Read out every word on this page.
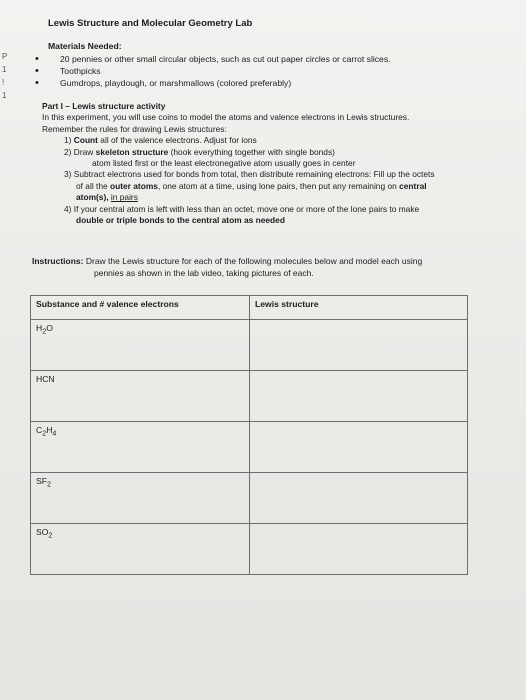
P
1
!
1
Lewis Structure and Molecular Geometry Lab
Materials Needed:
• 20 pennies or other small circular objects, such as cut out paper circles or carrot slices.
• Toothpicks
• Gumdrops, playdough, or marshmallows (colored preferably)
Part I – Lewis structure activity
In this experiment, you will use coins to model the atoms and valence electrons in Lewis structures.
Remember the rules for drawing Lewis structures:
1) Count all of the valence electrons. Adjust for ions
2) Draw skeleton structure (hook everything together with single bonds)
atom listed first or the least electronegative atom usually goes in center
3) Subtract electrons used for bonds from total, then distribute remaining electrons: Fill up the octets
of all the outer atoms, one atom at a time, using lone pairs, then put any remaining on central
atom(s), in pairs
4) If your central atom is left with less than an octet, move one or more of the lone pairs to make
double or triple bonds to the central atom as needed
Instructions: Draw the Lewis structure for each of the following molecules below and model each using
pennies as shown in the lab video, taking pictures of each.
Substance and # valence electrons	Lewis structure
$H_2O$	
HCN	
$C_2H_4$	
$SF_2$	
$SO_2$	
